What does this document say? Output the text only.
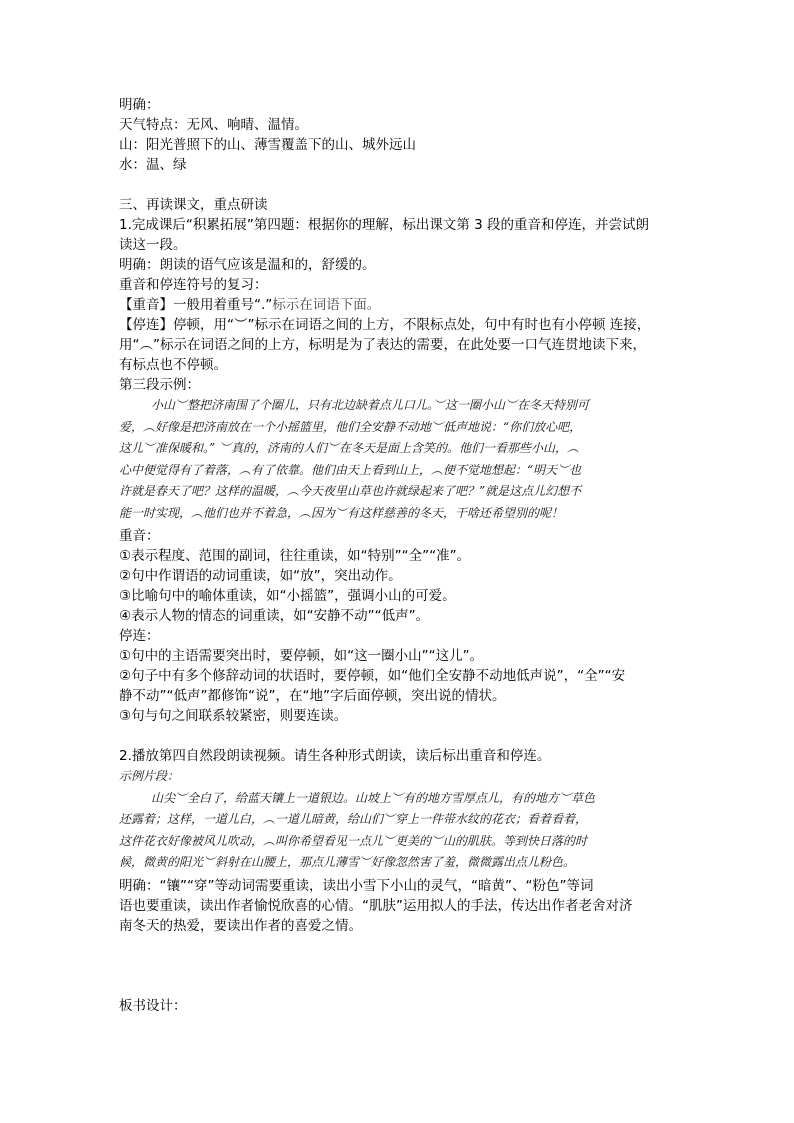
明确：
天气特点：无风、响晴、温情。
山：阳光普照下的山、薄雪覆盖下的山、城外远山
水：温、绿
三、再读课文，重点研读
1.完成课后“积累拓展”第四题：根据你的理解，标出课文第 3 段的重音和停连，并尝试朗
读这一段。
明确：朗读的语气应该是温和的，舒缓的。
重音和停连符号的复习：
【重音】一般用着重号“.”标示在词语下面。
【停连】停顿，用“︶”标示在词语之间的上方，不限标点处，句中有时也有小停顿 连接，
用“︵”标示在词语之间的上方，标明是为了表达的需要，在此处要一口气连贯地读下来，
有标点也不停顿。
第三段示例：
小山︶整把济南围了个圈儿，只有北边缺着点儿口儿。︶这一圈小山︶在冬天特别可
爱，︵好像是把济南放在一个小摇篮里，他们全安静不动地︶低声地说：“你们放心吧，
这儿︶准保暖和。” ︶真的，济南的人们︶在冬天是面上含笑的。他们一看那些小山，︵
心中便觉得有了着落，︵有了依靠。他们由天上看到山上，︵便不觉地想起：“明天︶也
许就是春天了吧？这样的温暖，︵今天夜里山草也许就绿起来了吧？”就是这点儿幻想不
能一时实现，︵他们也并不着急，︵因为︶有这样慈善的冬天，干啥还希望别的呢！
重音：
①表示程度、范围的副词，往往重读，如“特别”“全”“准”。
②句中作谓语的动词重读，如“放”，突出动作。
③比喻句中的喻体重读，如“小摇篮”，强调小山的可爱。
④表示人物的情态的词重读，如“安静不动”“低声”。
停连：
①句中的主语需要突出时，要停顿，如“这一圈小山”“这儿”。
②句子中有多个修辞动词的状语时，要停顿，如“他们全安静不动地低声说”，“全”“安
静不动”“低声”都修饰“说”，在“地”字后面停顿，突出说的情状。
③句与句之间联系较紧密，则要连读。
2.播放第四自然段朗读视频。请生各种形式朗读，读后标出重音和停连。
示例片段：
山尖︶全白了，给蓝天镶上一道银边。山坡上︶有的地方雪厚点儿，有的地方︶草色
还露着；这样，一道儿白，︵一道儿暗黄，给山们︶穿上一件带水纹的花衣；看着看着，
这件花衣好像被风儿吹动，︵叫你希望看见一点儿︶更美的︶山的肌肤。等到快日落的时
候，微黄的阳光︶斜射在山腰上，那点儿薄雪︶好像忽然害了羞，微微露出点儿粉色。
明确：“镶”“穿”等动词需要重读，读出小雪下小山的灵气，“暗黄”、“粉色”等词
语也要重读，读出作者愉悦欣喜的心情。“肌肤”运用拟人的手法，传达出作者老舍对济
南冬天的热爱，要读出作者的喜爱之情。
板书设计：
